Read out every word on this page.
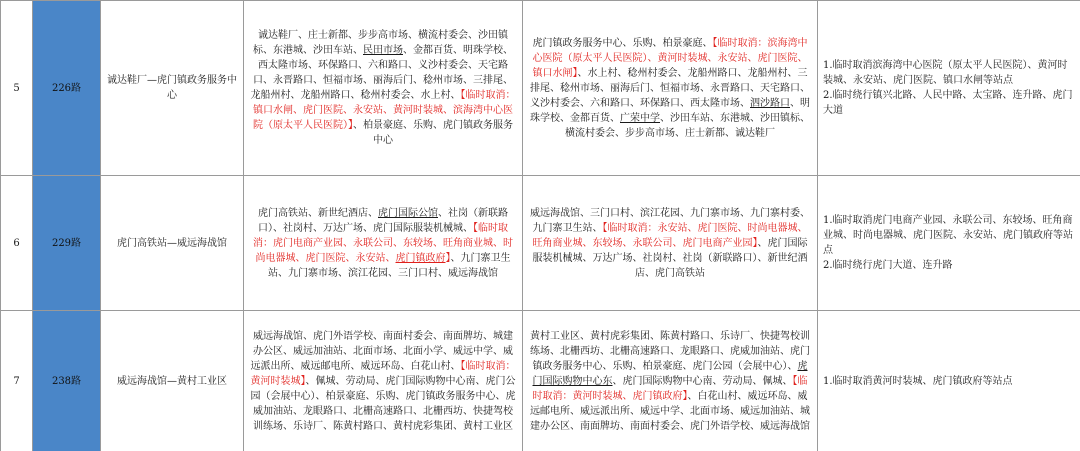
5	226路	诚达鞋厂—虎门镇政务服务中心	诚达鞋厂、庄士新都、步步高市场、横流村委会、沙田镇标、东港城、沙田车站、民田市场、金都百货、明珠学校、西太隆市场、环保路口、六和路口、义沙村委会、天宅路口、永晋路口、恒福市场、丽海后门、稔州市场、三排尾、龙船州村、龙船州路口、稔州村委会、水上村、【临时取消：镇口水闸、虎门医院、永安站、黄河时装城、滨海湾中心医院（原太平人民医院）】、柏景豪庭、乐购、虎门镇政务服务中心	虎门镇政务服务中心、乐购、柏景豪庭、【临时取消：滨海湾中心医院（原太平人民医院）、黄河时装城、永安站、虎门医院、镇口水闸】、水上村、稔州村委会、龙船州路口、龙船州村、三排尾、稔州市场、丽海后门、恒福市场、永晋路口、天宅路口、义沙村委会、六和路口、环保路口、西太隆市场、泗沙路口、明珠学校、金都百货、广荣中学、沙田车站、东港城、沙田镇标、横流村委会、步步高市场、庄士新都、诚达鞋厂	1.临时取消滨海湾中心医院（原太平人民医院）、黄河时装城、永安站、虎门医院、镇口水闸等站点
2.临时绕行镇兴北路、人民中路、太宝路、连升路、虎门大道

6	229路	虎门高铁站—威远海战馆	虎门高铁站、新世纪酒店、虎门国际公馆、社岗（新联路口）、社岗村、万达广场、虎门国际服装机械城、【临时取消：虎门电商产业园、永联公司、东较场、旺角商业城、时尚电器城、虎门医院、永安站、虎门镇政府】、九门寨卫生站、九门寨市场、滨江花园、三门口村、威远海战馆	威远海战馆、三门口村、滨江花园、九门寨市场、九门寨村委、九门寨卫生站、【临时取消：永安站、虎门医院、时尚电器城、旺角商业城、东较场、永联公司、虎门电商产业园】、虎门国际服装机械城、万达广场、社岗村、社岗（新联路口）、新世纪酒店、虎门高铁站	1.临时取消虎门电商产业园、永联公司、东较场、旺角商业城、时尚电器城、虎门医院、永安站、虎门镇政府等站点
2.临时绕行虎门大道、连升路

7	238路	威远海战馆—黄村工业区	威远海战馆、虎门外语学校、南面村委会、南面牌坊、城建办公区、威远加油站、北面市场、北面小学、威远中学、威远派出所、威远邮电所、威远环岛、白花山村、【临时取消：黄河时装城】、佩城、劳动局、虎门国际购物中心南、虎门公园（会展中心）、柏景豪庭、乐购、虎门镇政务服务中心、虎威加油站、龙眼路口、北栅高速路口、北栅西坊、快捷驾校训练场、乐诗厂、陈黄村路口、黄村虎彩集团、黄村工业区	黄村工业区、黄村虎彩集团、陈黄村路口、乐诗厂、快捷驾校训练场、北栅西坊、北栅高速路口、龙眼路口、虎威加油站、虎门镇政务服务中心、乐购、柏景豪庭、虎门公园（会展中心）、虎门国际购物中心东、虎门国际购物中心南、劳动局、佩城、【临时取消：黄河时装城、虎门镇政府】、白花山村、威远环岛、威远邮电所、威远派出所、威远中学、北面市场、威远加油站、城建办公区、南面牌坊、南面村委会、虎门外语学校、威远海战馆	1.临时取消黄河时装城、虎门镇政府等站点
